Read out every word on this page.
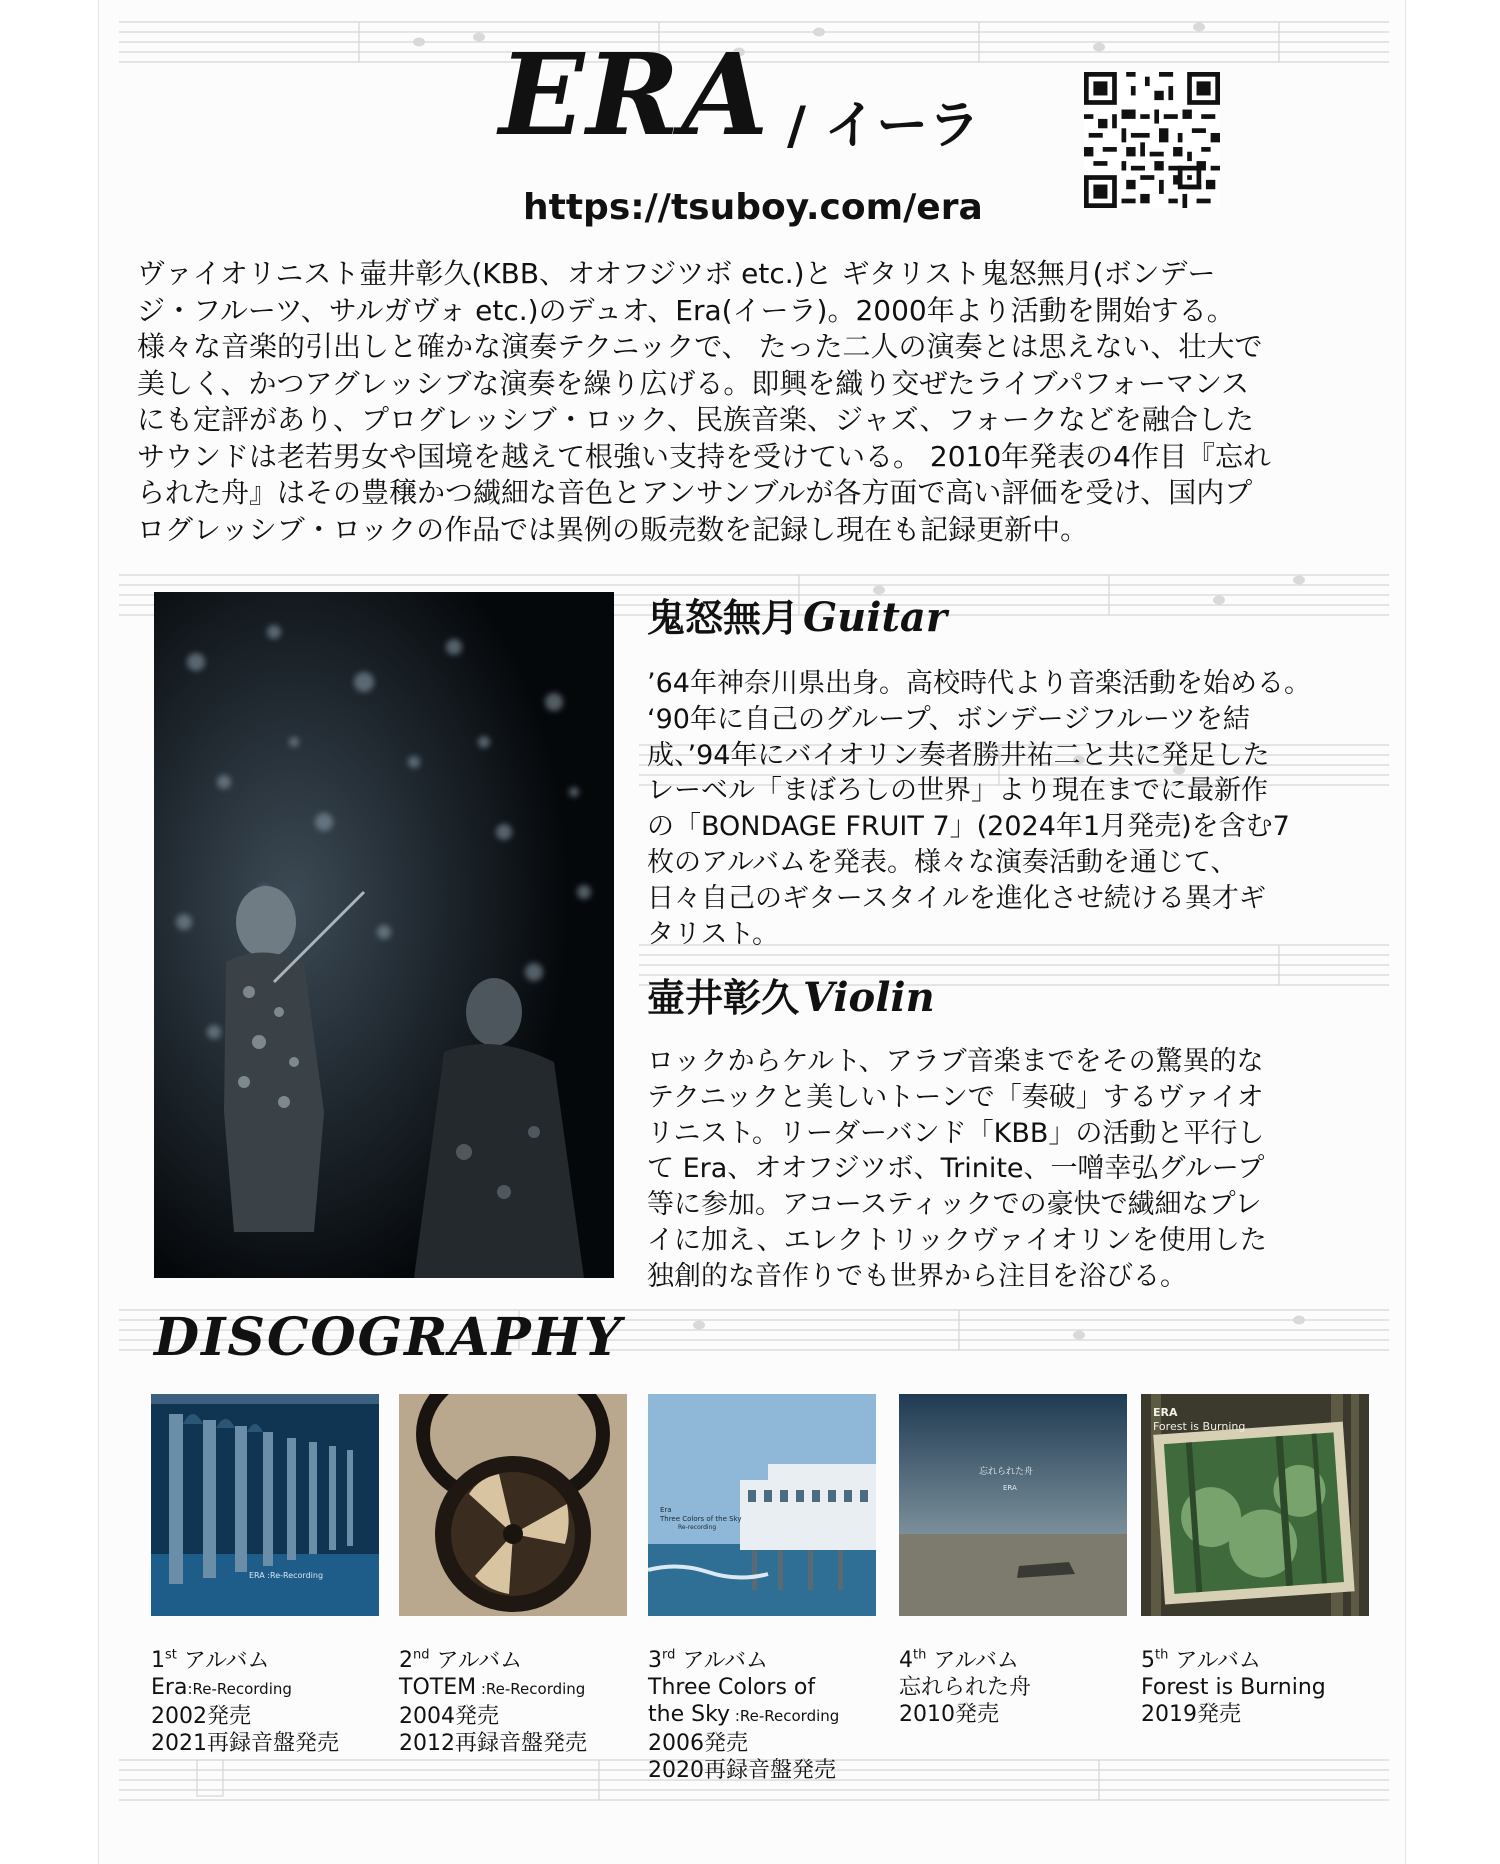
ERA / イーラ
https://tsuboy.com/era

ヴァイオリニスト壷井彰久(KBB、オオフジツボ etc.)と ギタリスト鬼怒無月(ボンデー

ジ・フルーツ、サルガヴォ etc.)のデュオ、Era(イーラ)。2000年より活動を開始する。

様々な音楽的引出しと確かな演奏テクニックで、 たった二人の演奏とは思えない、壮大で

美しく、かつアグレッシブな演奏を繰り広げる。即興を織り交ぜたライブパフォーマンス

にも定評があり、プログレッシブ・ロック、民族音楽、ジャズ、フォークなどを融合した

サウンドは老若男女や国境を越えて根強い支持を受けている。 2010年発表の4作目『忘れ

られた舟』はその豊穣かつ繊細な音色とアンサンブルが各方面で高い評価を受け、国内プ

ログレッシブ・ロックの作品では異例の販売数を記録し現在も記録更新中。

鬼怒無月 Guitar
’64年神奈川県出身。高校時代より音楽活動を始める。
‘90年に自己のグループ、ボンデージフルーツを結
成、’94年にバイオリン奏者勝井祐二と共に発足した
レーベル「まぼろしの世界」より現在までに最新作
の「BONDAGE FRUIT 7」(2024年1月発売)を含む7
枚のアルバムを発表。様々な演奏活動を通じて、
日々自己のギタースタイルを進化させ続ける異才ギ
タリスト。
壷井彰久 Violin
ロックからケルト、アラブ音楽までをその驚異的な
テクニックと美しいトーンで「奏破」するヴァイオ
リニスト。リーダーバンド「KBB」の活動と平行し
て Era、オオフジツボ、Trinite、一噌幸弘グループ
等に参加。アコースティックでの豪快で繊細なプレ
イに加え、エレクトリックヴァイオリンを使用した
独創的な音作りでも世界から注目を浴びる。
DISCOGRAPHY
ERA :Re-Recording
1st アルバム
Era:Re-Recording
2002発売
2021再録音盤発売
2nd アルバム
TOTEM :Re-Recording
2004発売
2012再録音盤発売
Era
Three Colors of the Sky
Re-recording
3rd アルバム
Three Colors of
the Sky :Re-Recording
2006発売
2020再録音盤発売
忘れられた舟
ERA
4th アルバム
忘れられた舟
2010発売
ERA
Forest is Burning
5th アルバム
Forest is Burning
2019発売
